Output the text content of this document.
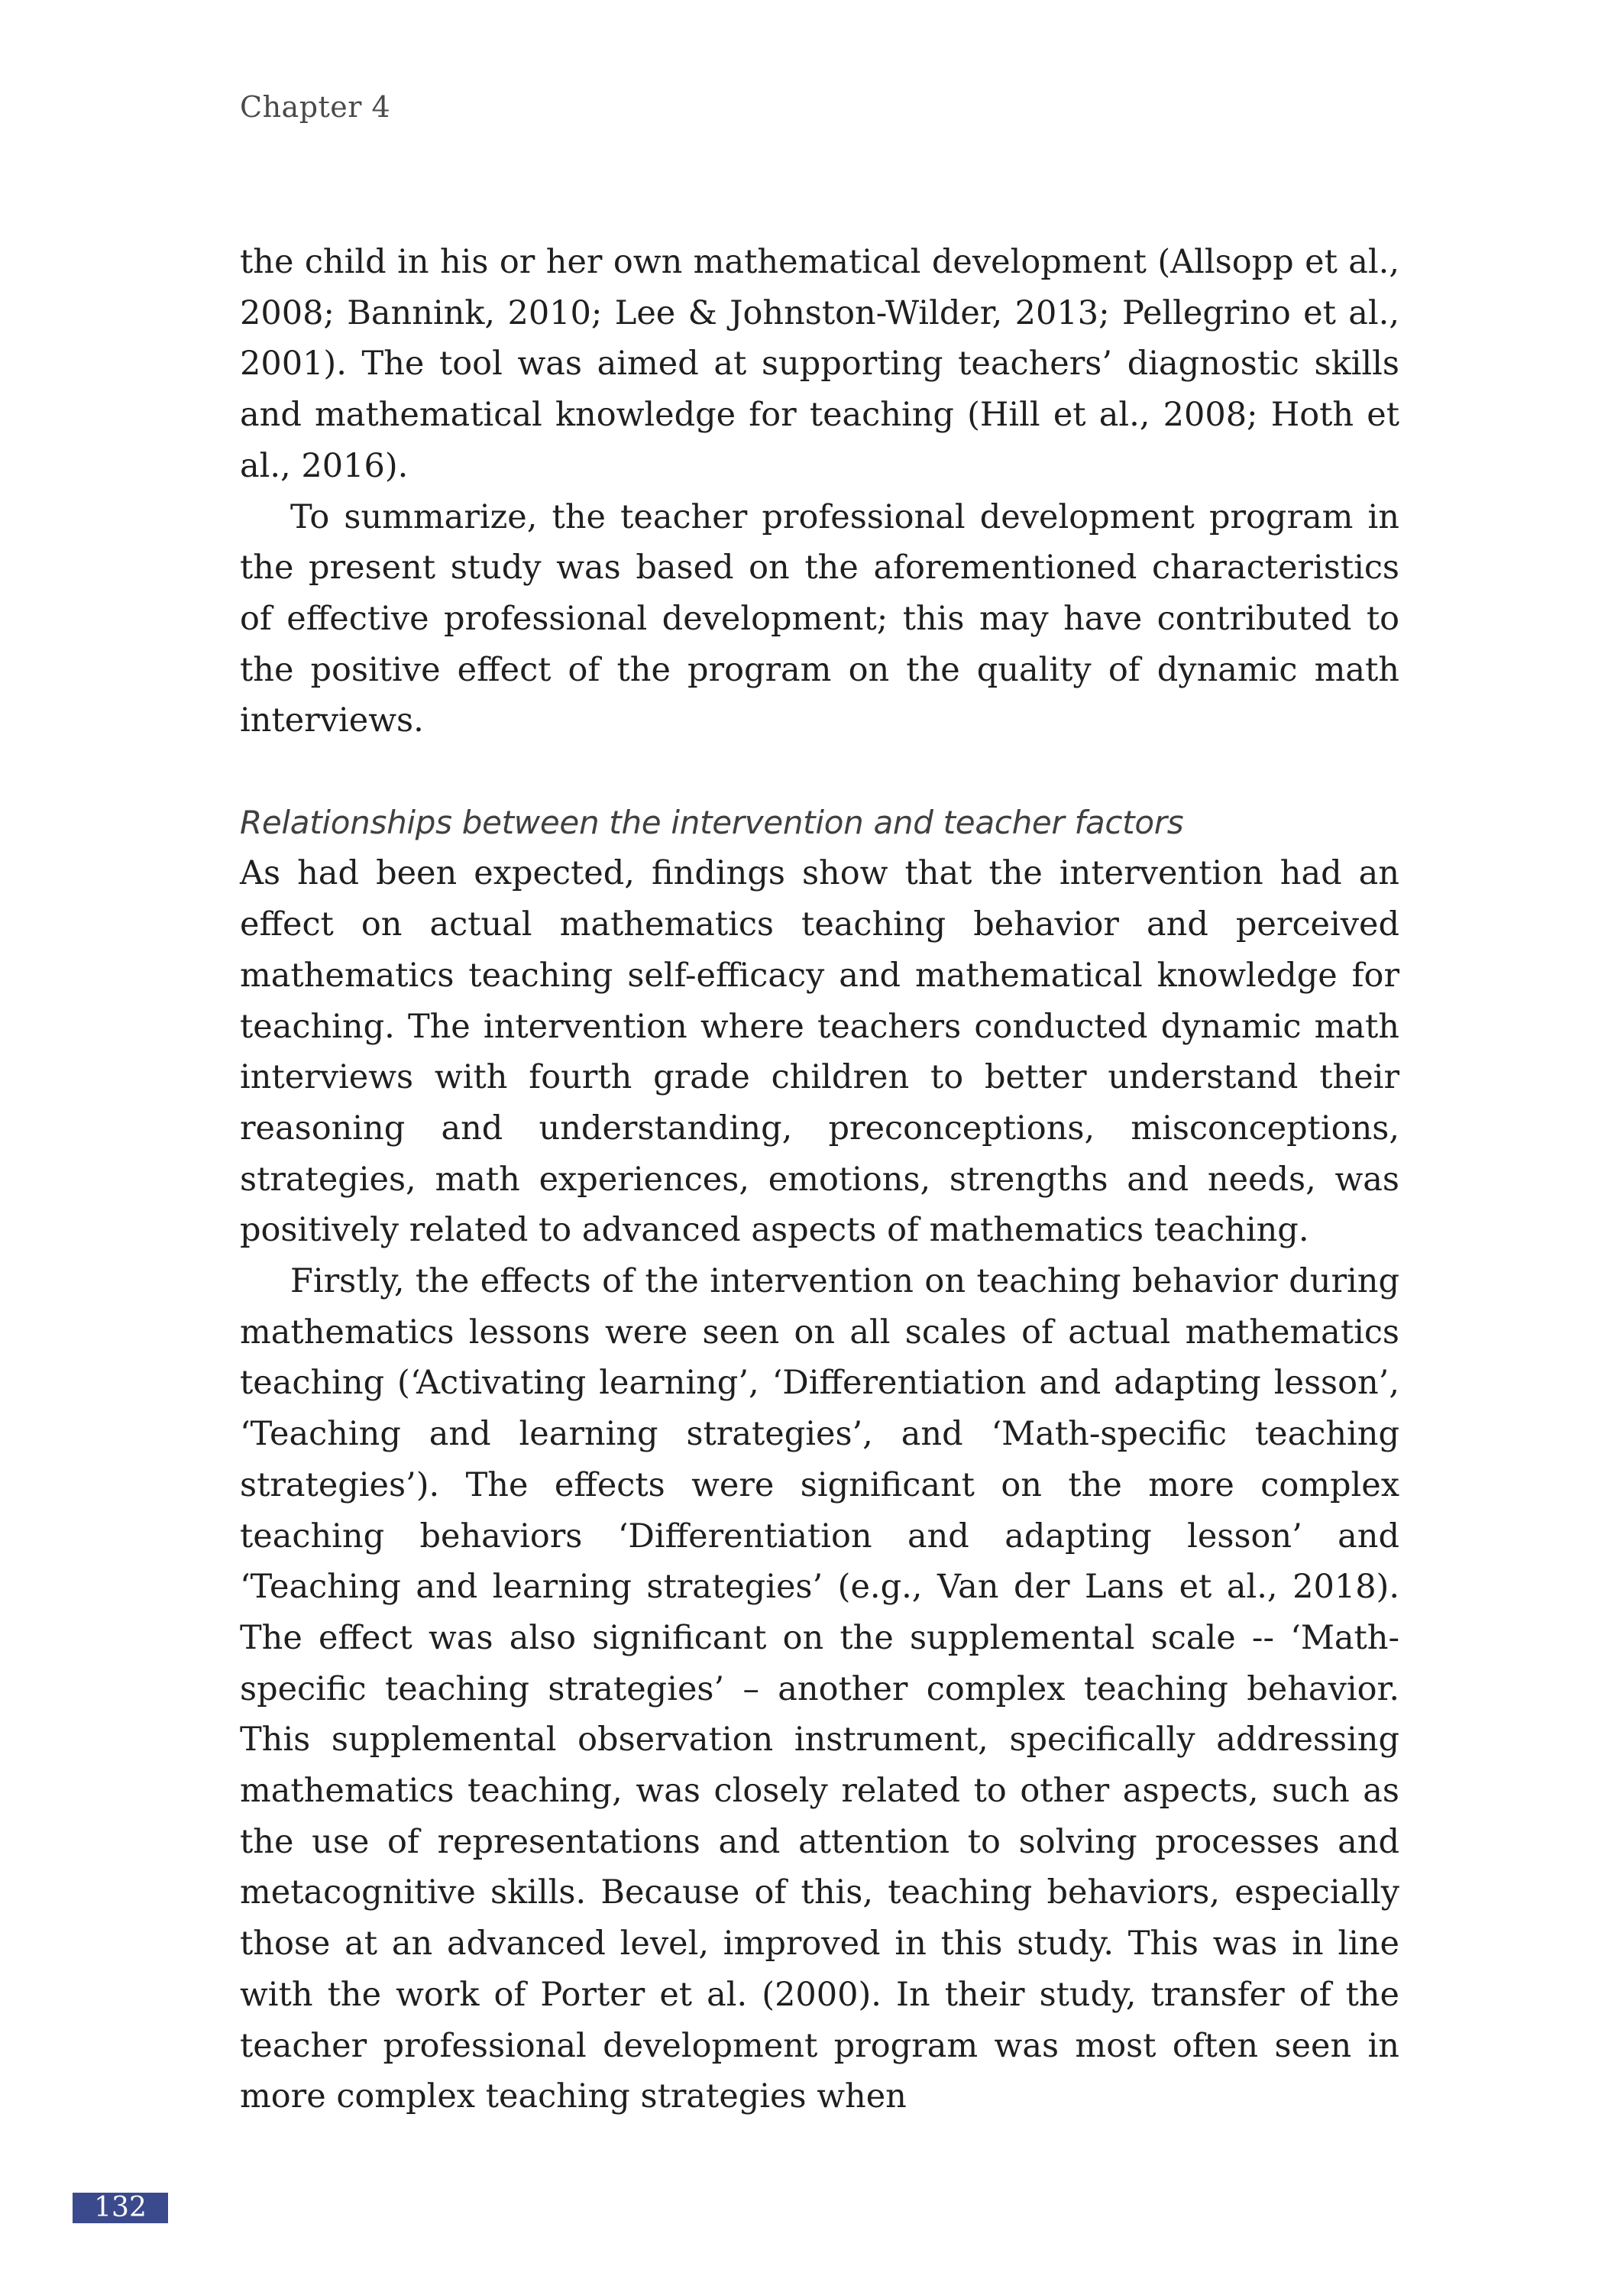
Chapter 4

the child in his or her own mathematical development (Allsopp et al., 2008; Bannink, 2010; Lee & Johnston-Wilder, 2013; Pellegrino et al., 2001). The tool was aimed at supporting teachers’ diagnostic skills and mathematical knowledge for teaching (Hill et al., 2008; Hoth et al., 2016).

To summarize, the teacher professional development program in the present study was based on the aforementioned characteristics of effective professional development; this may have contributed to the positive effect of the program on the quality of dynamic math interviews.

Relationships between the intervention and teacher factors

As had been expected, findings show that the intervention had an effect on actual mathematics teaching behavior and perceived mathematics teaching self-efficacy and mathematical knowledge for teaching. The intervention where teachers conducted dynamic math interviews with fourth grade children to better understand their reasoning and understanding, preconceptions, misconceptions, strategies, math experiences, emotions, strengths and needs, was positively related to advanced aspects of mathematics teaching.

Firstly, the effects of the intervention on teaching behavior during mathematics lessons were seen on all scales of actual mathematics teaching (‘Activating learning’, ‘Differentiation and adapting lesson’, ‘Teaching and learning strategies’, and ‘Math-specific teaching strategies’). The effects were significant on the more complex teaching behaviors ‘Differentiation and adapting lesson’ and ‘Teaching and learning strategies’ (e.g., Van der Lans et al., 2018). The effect was also significant on the supplemental scale -- ‘Math-specific teaching strategies’ – another complex teaching behavior. This supplemental observation instrument, specifically addressing mathematics teaching, was closely related to other aspects, such as the use of representations and attention to solving processes and metacognitive skills. Because of this, teaching behaviors, especially those at an advanced level, improved in this study. This was in line with the work of Porter et al. (2000). In their study, transfer of the teacher professional development program was most often seen in more complex teaching strategies when

132
